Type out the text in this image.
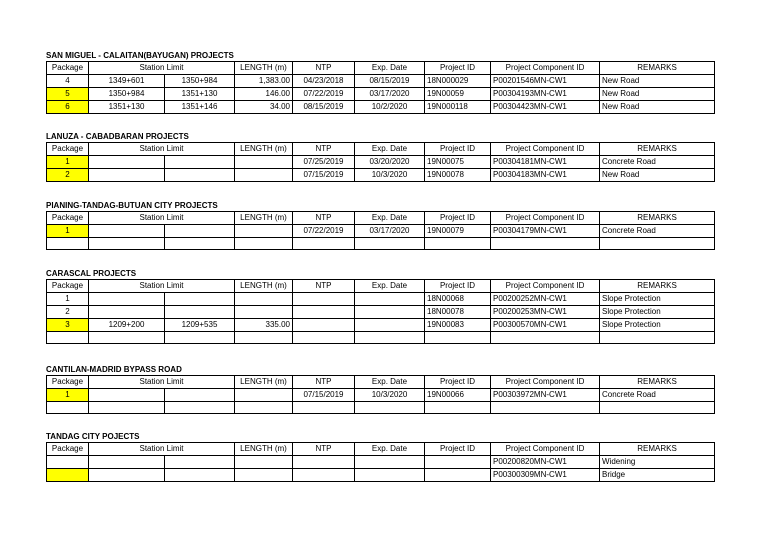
SAN MIGUEL - CALAITAN(BAYUGAN) PROJECTS
Package	Station Limit		LENGTH (m)	NTP	Exp. Date	Project ID	Project Component ID	REMARKS
4	1349+601	1350+984	1,383.00	04/23/2018	08/15/2019	18N000029	P00201546MN-CW1	New Road
5	1350+984	1351+130	146.00	07/22/2019	03/17/2020	19N00059	P00304193MN-CW1	New Road
6	1351+130	1351+146	34.00	08/15/2019	10/2/2020	19N000118	P00304423MN-CW1	New Road
LANUZA - CABADBARAN PROJECTS
Package	Station Limit		LENGTH (m)	NTP	Exp. Date	Project ID	Project Component ID	REMARKS
1				07/25/2019	03/20/2020	19N00075	P00304181MN-CW1	Concrete Road
2				07/15/2019	10/3/2020	19N00078	P00304183MN-CW1	New Road
PIANING-TANDAG-BUTUAN CITY PROJECTS
Package	Station Limit		LENGTH (m)	NTP	Exp. Date	Project ID	Project Component ID	REMARKS
1				07/22/2019	03/17/2020	19N00079	P00304179MN-CW1	Concrete Road

CARASCAL PROJECTS
Package	Station Limit		LENGTH (m)	NTP	Exp. Date	Project ID	Project Component ID	REMARKS
1						18N00068	P00200252MN-CW1	Slope Protection
2						18N00078	P00200253MN-CW1	Slope Protection
3	1209+200	1209+535	335.00			19N00083	P00300570MN-CW1	Slope Protection

CANTILAN-MADRID BYPASS ROAD
Package	Station Limit		LENGTH (m)	NTP	Exp. Date	Project ID	Project Component ID	REMARKS
1				07/15/2019	10/3/2020	19N00066	P00303972MN-CW1	Concrete Road

TANDAG CITY POJECTS
Package	Station Limit		LENGTH (m)	NTP	Exp. Date	Project ID	Project Component ID	REMARKS
							P00200820MN-CW1	Widening
							P00300309MN-CW1	Bridge
